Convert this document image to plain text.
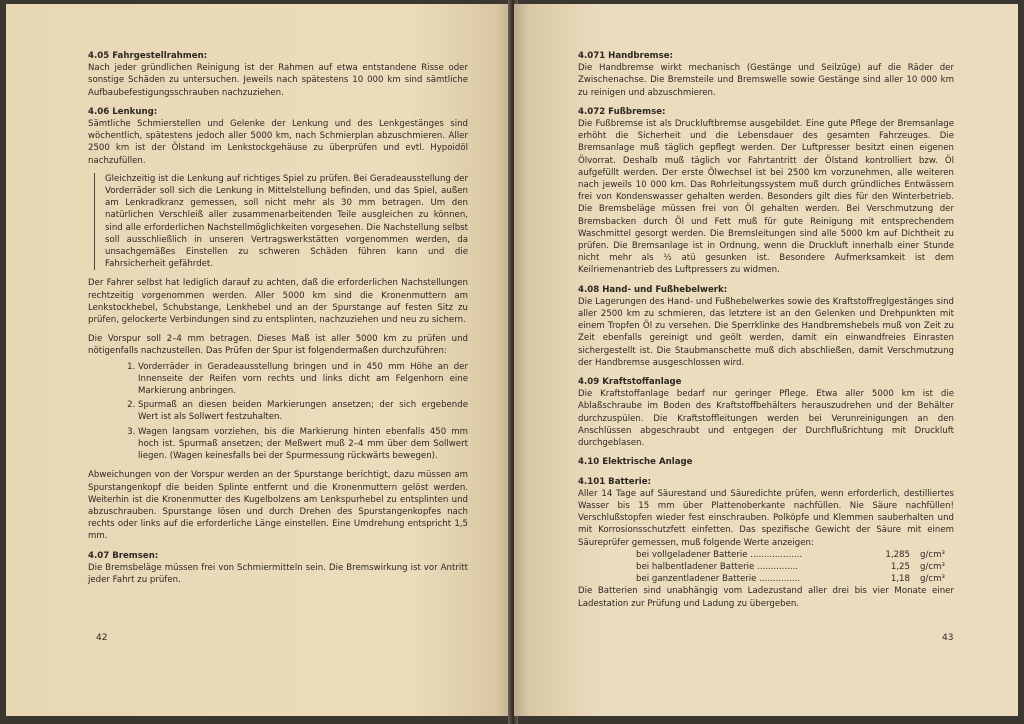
4.05 Fahrgestellrahmen:
Nach jeder gründlichen Reinigung ist der Rahmen auf etwa entstandene Risse oder sonstige Schäden zu untersuchen. Jeweils nach spätestens 10 000 km sind sämtliche Aufbaubefestigungsschrauben nachzuziehen.
4.06 Lenkung:
Sämtliche Schmierstellen und Gelenke der Lenkung und des Lenkgestänges sind wöchentlich, spätestens jedoch aller 5000 km, nach Schmierplan abzuschmieren. Aller 2500 km ist der Ölstand im Lenkstockgehäuse zu überprüfen und evtl. Hypoidöl nachzufüllen.
Gleichzeitig ist die Lenkung auf richtiges Spiel zu prüfen. Bei Geradeausstellung der Vorderräder soll sich die Lenkung in Mittelstellung befinden, und das Spiel, außen am Lenkradkranz gemessen, soll nicht mehr als 30 mm betragen. Um den natürlichen Verschleiß aller zusammenarbeitenden Teile ausgleichen zu können, sind alle erforderlichen Nachstellmöglichkeiten vorgesehen. Die Nachstellung selbst soll ausschließlich in unseren Vertragswerkstätten vorgenommen werden, da unsachgemäßes Einstellen zu schweren Schäden führen kann und die Fahrsicherheit gefährdet.
Der Fahrer selbst hat lediglich darauf zu achten, daß die erforderlichen Nachstellungen rechtzeitig vorgenommen werden. Aller 5000 km sind die Kronenmuttern am Lenkstockhebel, Schubstange, Lenkhebel und an der Spurstange auf festen Sitz zu prüfen, gelockerte Verbindungen sind zu entsplinten, nachzuziehen und neu zu sichern.
Die Vorspur soll 2–4 mm betragen. Dieses Maß ist aller 5000 km zu prüfen und nötigenfalls nachzustellen. Das Prüfen der Spur ist folgendermaßen durchzuführen:
1. Vorderräder in Geradeausstellung bringen und in 450 mm Höhe an der Innenseite der Reifen vorn rechts und links dicht am Felgenhorn eine Markierung anbringen.
2. Spurmaß an diesen beiden Markierungen ansetzen; der sich ergebende Wert ist als Sollwert festzuhalten.
3. Wagen langsam vorziehen, bis die Markierung hinten ebenfalls 450 mm hoch ist. Spurmaß ansetzen; der Meßwert muß 2–4 mm über dem Sollwert liegen. (Wagen keinesfalls bei der Spurmessung rückwärts bewegen).
Abweichungen von der Vorspur werden an der Spurstange berichtigt, dazu müssen am Spurstangenkopf die beiden Splinte entfernt und die Kronenmuttern gelöst werden. Weiterhin ist die Kronenmutter des Kugelbolzens am Lenkspurhebel zu entsplinten und abzuschrauben. Spurstange lösen und durch Drehen des Spurstangenkopfes nach rechts oder links auf die erforderliche Länge einstellen. Eine Umdrehung entspricht 1,5 mm.
4.07 Bremsen:
Die Bremsbeläge müssen frei von Schmiermitteln sein. Die Bremswirkung ist vor Antritt jeder Fahrt zu prüfen.
42
4.071 Handbremse:
Die Handbremse wirkt mechanisch (Gestänge und Seilzüge) auf die Räder der Zwischenachse. Die Bremsteile und Bremswelle sowie Gestänge sind aller 10 000 km zu reinigen und abzuschmieren.
4.072 Fußbremse:
Die Fußbremse ist als Druckluftbremse ausgebildet. Eine gute Pflege der Bremsanlage erhöht die Sicherheit und die Lebensdauer des gesamten Fahrzeuges. Die Bremsanlage muß täglich gepflegt werden. Der Luftpresser besitzt einen eigenen Ölvorrat. Deshalb muß täglich vor Fahrtantritt der Ölstand kontrolliert bzw. Öl aufgefüllt werden. Der erste Ölwechsel ist bei 2500 km vorzunehmen, alle weiteren nach jeweils 10 000 km. Das Rohrleitungssystem muß durch gründliches Entwässern frei von Kondenswasser gehalten werden. Besonders gilt dies für den Winterbetrieb. Die Bremsbeläge müssen frei von Öl gehalten werden. Bei Verschmutzung der Bremsbacken durch Öl und Fett muß für gute Reinigung mit entsprechendem Waschmittel gesorgt werden. Die Bremsleitungen sind alle 5000 km auf Dichtheit zu prüfen. Die Bremsanlage ist in Ordnung, wenn die Druckluft innerhalb einer Stunde nicht mehr als ½ atü gesunken ist. Besondere Aufmerksamkeit ist dem Keilriemenantrieb des Luftpressers zu widmen.
4.08 Hand- und Fußhebelwerk:
Die Lagerungen des Hand- und Fußhebelwerkes sowie des Kraftstoffreglgestänges sind aller 2500 km zu schmieren, das letztere ist an den Gelenken und Drehpunkten mit einem Tropfen Öl zu versehen. Die Sperrklinke des Handbremshebels muß von Zeit zu Zeit ebenfalls gereinigt und geölt werden, damit ein einwandfreies Einrasten sichergestellt ist. Die Staubmanschette muß dich abschließen, damit Verschmutzung der Handbremse ausgeschlossen wird.
4.09 Kraftstoffanlage
Die Kraftstoffanlage bedarf nur geringer Pflege. Etwa aller 5000 km ist die Ablaßschraube im Boden des Kraftstoffbehälters herauszudrehen und der Behälter durchzuspülen. Die Kraftstoffleitungen werden bei Verunreinigungen an den Anschlüssen abgeschraubt und entgegen der Durchflußrichtung mit Druckluft durchgeblasen.
4.10 Elektrische Anlage
4.101 Batterie:
Aller 14 Tage auf Säurestand und Säuredichte prüfen, wenn erforderlich, destilliertes Wasser bis 15 mm über Plattenoberkante nachfüllen. Nie Säure nachfüllen! Verschlußstopfen wieder fest einschrauben. Polköpfe und Klemmen sauberhalten und mit Korrosionsschutzfett einfetten. Das spezifische Gewicht der Säure mit einem Säureprüfer gemessen, muß folgende Werte anzeigen:
bei vollgeladener Batterie ...................	1,285	g/cm³
bei halbentladener Batterie ...............	1,25	g/cm³
bei ganzentladener Batterie ...............	1,18	g/cm³
Die Batterien sind unabhängig vom Ladezustand aller drei bis vier Monate einer Ladestation zur Prüfung und Ladung zu übergeben.
43
